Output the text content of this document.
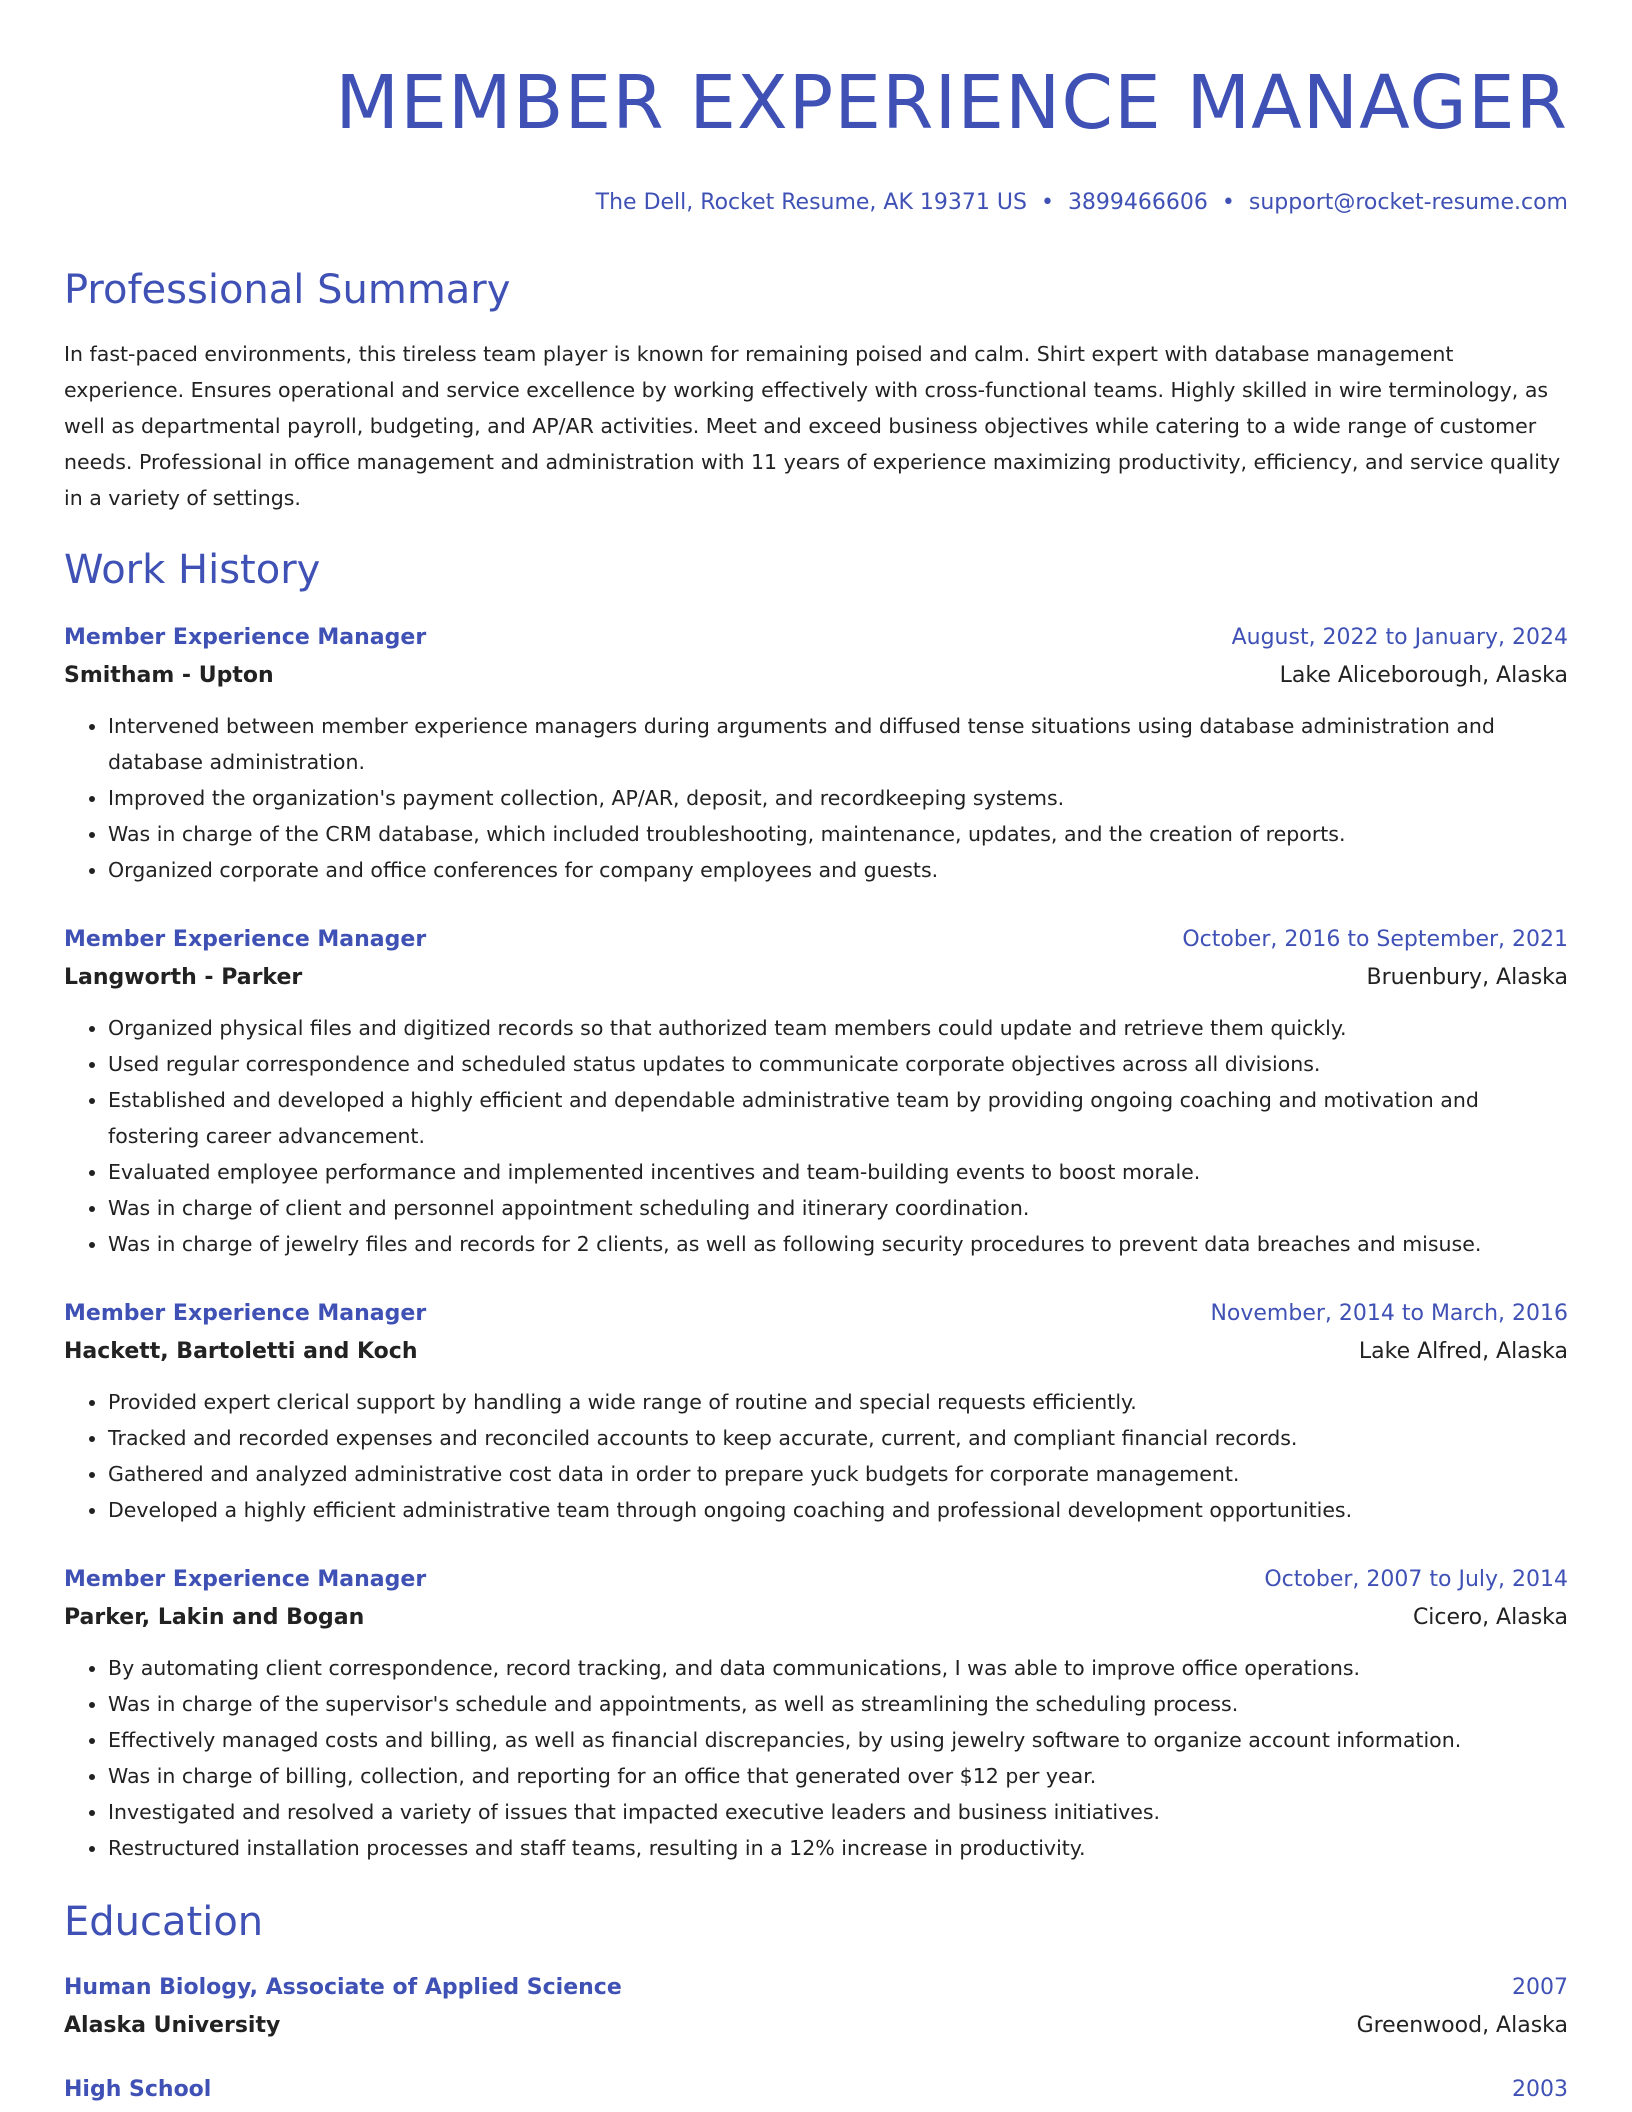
MEMBER EXPERIENCE MANAGER
The Dell, Rocket Resume, AK 19371 US • 3899466606 • support@rocket-resume.com
Professional Summary
In fast-paced environments, this tireless team player is known for remaining poised and calm. Shirt expert with database management experience. Ensures operational and service excellence by working effectively with cross-functional teams. Highly skilled in wire terminology, as well as departmental payroll, budgeting, and AP/AR activities. Meet and exceed business objectives while catering to a wide range of customer needs. Professional in office management and administration with 11 years of experience maximizing productivity, efficiency, and service quality in a variety of settings.
Work History
Member Experience Manager	August, 2022 to January, 2024
Smitham - Upton	Lake Aliceborough, Alaska
• Intervened between member experience managers during arguments and diffused tense situations using database administration and database administration.
• Improved the organization's payment collection, AP/AR, deposit, and recordkeeping systems.
• Was in charge of the CRM database, which included troubleshooting, maintenance, updates, and the creation of reports.
• Organized corporate and office conferences for company employees and guests.
Member Experience Manager	October, 2016 to September, 2021
Langworth - Parker	Bruenbury, Alaska
• Organized physical files and digitized records so that authorized team members could update and retrieve them quickly.
• Used regular correspondence and scheduled status updates to communicate corporate objectives across all divisions.
• Established and developed a highly efficient and dependable administrative team by providing ongoing coaching and motivation and fostering career advancement.
• Evaluated employee performance and implemented incentives and team-building events to boost morale.
• Was in charge of client and personnel appointment scheduling and itinerary coordination.
• Was in charge of jewelry files and records for 2 clients, as well as following security procedures to prevent data breaches and misuse.
Member Experience Manager	November, 2014 to March, 2016
Hackett, Bartoletti and Koch	Lake Alfred, Alaska
• Provided expert clerical support by handling a wide range of routine and special requests efficiently.
• Tracked and recorded expenses and reconciled accounts to keep accurate, current, and compliant financial records.
• Gathered and analyzed administrative cost data in order to prepare yuck budgets for corporate management.
• Developed a highly efficient administrative team through ongoing coaching and professional development opportunities.
Member Experience Manager	October, 2007 to July, 2014
Parker, Lakin and Bogan	Cicero, Alaska
• By automating client correspondence, record tracking, and data communications, I was able to improve office operations.
• Was in charge of the supervisor's schedule and appointments, as well as streamlining the scheduling process.
• Effectively managed costs and billing, as well as financial discrepancies, by using jewelry software to organize account information.
• Was in charge of billing, collection, and reporting for an office that generated over $12 per year.
• Investigated and resolved a variety of issues that impacted executive leaders and business initiatives.
• Restructured installation processes and staff teams, resulting in a 12% increase in productivity.
Education
Human Biology, Associate of Applied Science	2007
Alaska University	Greenwood, Alaska
High School	2003
